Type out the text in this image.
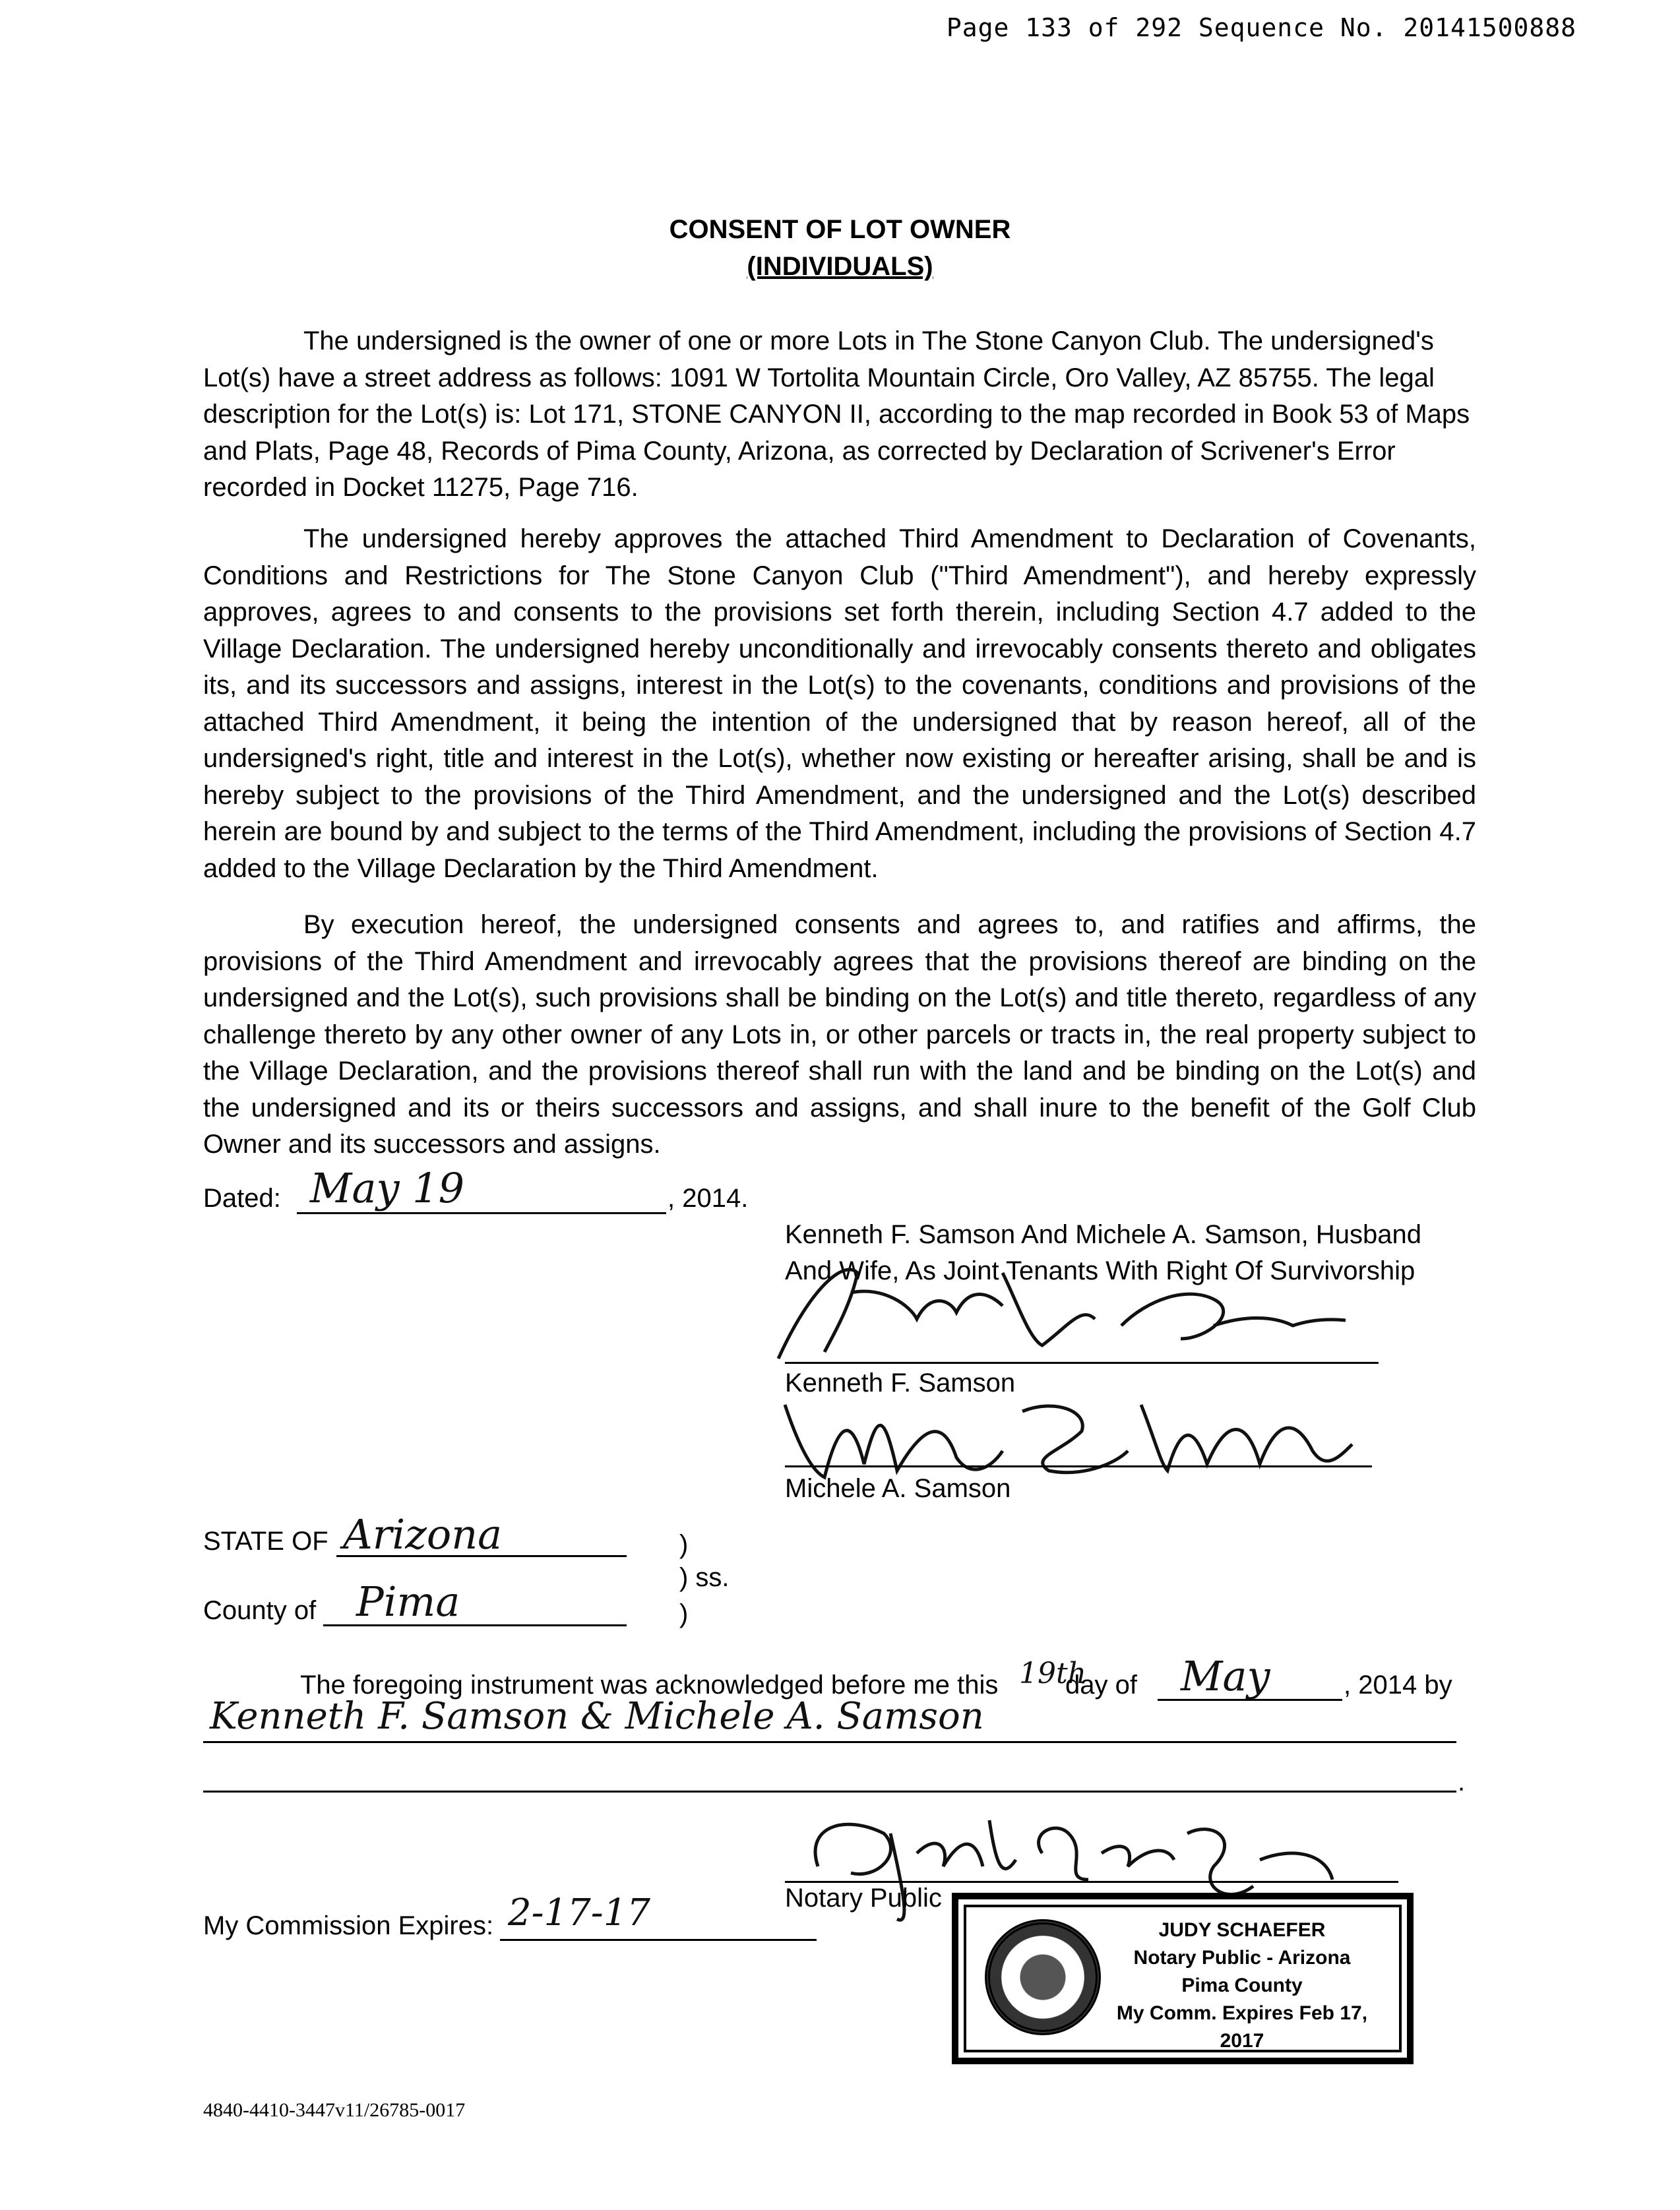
Page 133 of 292 Sequence No. 20141500888
CONSENT OF LOT OWNER
(INDIVIDUALS)
The undersigned is the owner of one or more Lots in The Stone Canyon Club. The undersigned's Lot(s) have a street address as follows: 1091 W Tortolita Mountain Circle, Oro Valley, AZ 85755. The legal description for the Lot(s) is: Lot 171, STONE CANYON II, according to the map recorded in Book 53 of Maps and Plats, Page 48, Records of Pima County, Arizona, as corrected by Declaration of Scrivener's Error recorded in Docket 11275, Page 716.
The undersigned hereby approves the attached Third Amendment to Declaration of Covenants, Conditions and Restrictions for The Stone Canyon Club ("Third Amendment"), and hereby expressly approves, agrees to and consents to the provisions set forth therein, including Section 4.7 added to the Village Declaration. The undersigned hereby unconditionally and irrevocably consents thereto and obligates its, and its successors and assigns, interest in the Lot(s) to the covenants, conditions and provisions of the attached Third Amendment, it being the intention of the undersigned that by reason hereof, all of the undersigned's right, title and interest in the Lot(s), whether now existing or hereafter arising, shall be and is hereby subject to the provisions of the Third Amendment, and the undersigned and the Lot(s) described herein are bound by and subject to the terms of the Third Amendment, including the provisions of Section 4.7 added to the Village Declaration by the Third Amendment.
By execution hereof, the undersigned consents and agrees to, and ratifies and affirms, the provisions of the Third Amendment and irrevocably agrees that the provisions thereof are binding on the undersigned and the Lot(s), such provisions shall be binding on the Lot(s) and title thereto, regardless of any challenge thereto by any other owner of any Lots in, or other parcels or tracts in, the real property subject to the Village Declaration, and the provisions thereof shall run with the land and be binding on the Lot(s) and the undersigned and its or theirs successors and assigns, and shall inure to the benefit of the Golf Club Owner and its successors and assigns.
Dated: May 19	, 2014.
Kenneth F. Samson And Michele A. Samson, Husband
And Wife, As Joint Tenants With Right Of Survivorship
Kenneth F. Samson
Michele A. Samson
STATE OF Arizona	)
) ss.
County of Pima	)
The foregoing instrument was acknowledged before me this 19th
day of May	, 2014 by
Kenneth F. Samson & Michele A. Samson
.
Notary Public
My Commission Expires: 2-17-17	JUDY SCHAEFER
Notary Public - Arizona
Pima County
My Comm. Expires Feb 17, 2017
4840-4410-3447v11/26785-0017
